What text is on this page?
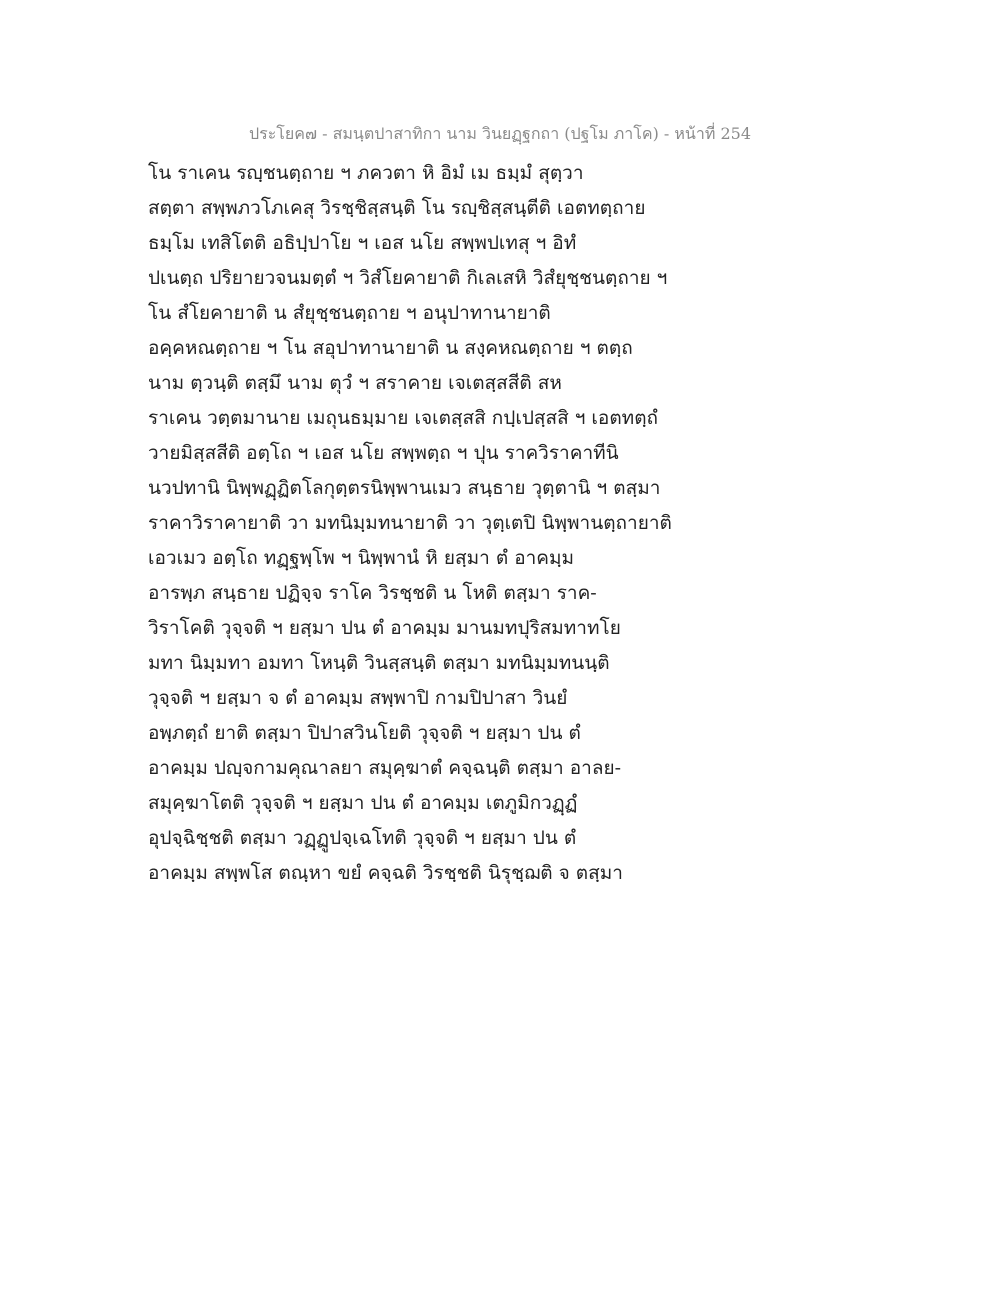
ประโยค๗ - สมนฺตปาสาทิกา นาม วินยฏฺฐกถา (ปฐโม ภาโค) - หน้าที่ 254
โน ราเคน รญฺชนตฺถาย ฯ ภควตา หิ อิมํ เม ธมฺมํ สุตฺวา
สตฺตา สพฺพภวโภเคสุ วิรชฺชิสฺสนฺติ โน รญฺชิสฺสนฺตีติ เอตทตฺถาย
ธมฺโม เทสิโตติ อธิปฺปาโย ฯ เอส นโย สพฺพปเทสุ ฯ อิทํ
ปเนตฺถ ปริยายวจนมตฺตํ ฯ วิสํโยคายาติ กิเลเสหิ วิสํยุชฺชนตฺถาย ฯ
โน สํโยคายาติ น สํยุชฺชนตฺถาย ฯ อนุปาทานายาติ
อคฺคหณตฺถาย ฯ โน สอุปาทานายาติ น สงฺคหณตฺถาย ฯ ตตฺถ
นาม ตฺวนฺติ ตสฺมึ นาม ตุวํ ฯ สราคาย เจเตสฺสสีติ สห
ราเคน วตฺตมานาย เมถุนธมฺมาย เจเตสฺสสิ กปฺเปสฺสสิ ฯ เอตทตฺถํ
วายมิสฺสสีติ อตฺโถ ฯ เอส นโย สพฺพตฺถ ฯ ปุน ราควิราคาทีนิ
นวปทานิ นิพฺพฏฺฏิตโลกุตฺตรนิพฺพานเมว สนฺธาย วุตฺตานิ ฯ ตสฺมา
ราคาวิราคายาติ วา มทนิมฺมทนายาติ วา วุตฺเตปิ นิพฺพานตฺถายาติ
เอวเมว อตฺโถ ทฏฺฐพฺโพ ฯ นิพฺพานํ หิ ยสฺมา ตํ อาคมฺม
อารพฺภ สนฺธาย ปฏิจฺจ ราโค วิรชฺชติ น โหติ ตสฺมา ราค-
วิราโคติ วุจฺจติ ฯ ยสฺมา ปน ตํ อาคมฺม มานมทปุริสมทาทโย
มทา นิมฺมทา อมทา โหนฺติ วินสฺสนฺติ ตสฺมา มทนิมฺมทนนฺติ
วุจฺจติ ฯ ยสฺมา จ ตํ อาคมฺม สพฺพาปิ กามปิปาสา วินยํ
อพฺภตฺถํ ยาติ ตสฺมา ปิปาสวินโยติ วุจฺจติ ฯ ยสฺมา ปน ตํ
อาคมฺม ปญฺจกามคุณาลยา สมุคฺฆาตํ คจฺฉนฺติ ตสฺมา อาลย-
สมุคฺฆาโตติ วุจฺจติ ฯ ยสฺมา ปน ตํ อาคมฺม เตภูมิกวฏฺฏํ
อุปจฺฉิชฺชติ ตสฺมา วฏฺฏูปจฺเฉโทติ วุจฺจติ ฯ ยสฺมา ปน ตํ
อาคมฺม สพฺพโส ตณฺหา ขยํ คจฺฉติ วิรชฺชติ นิรุชฺฌติ จ ตสฺมา
